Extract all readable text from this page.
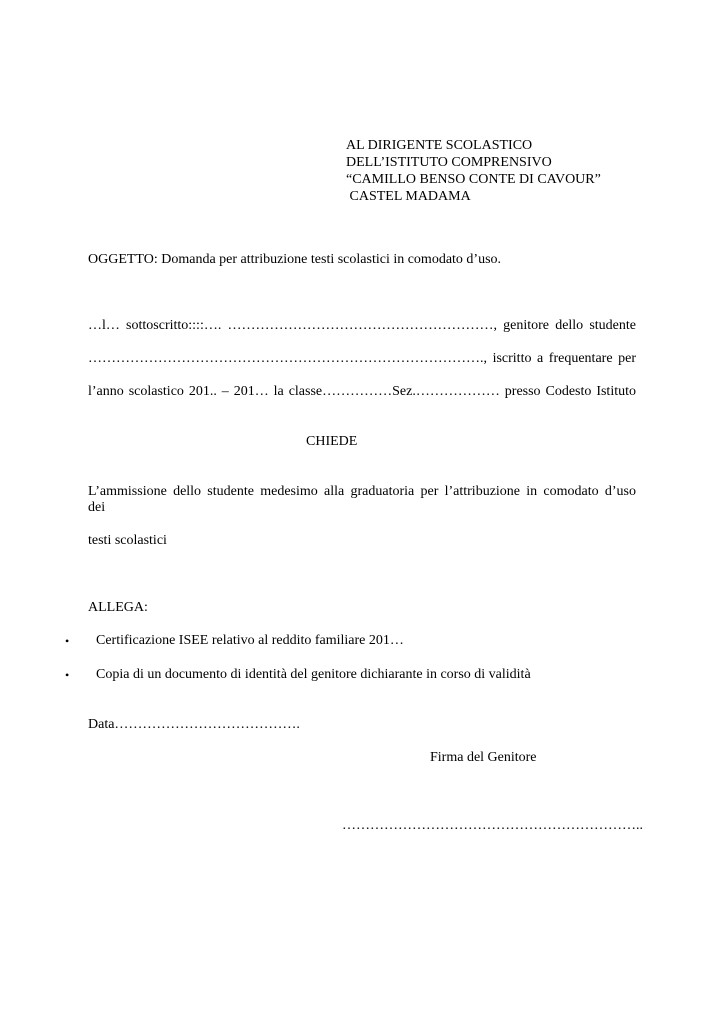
AL DIRIGENTE SCOLASTICO
DELL’ISTITUTO COMPRENSIVO
“CAMILLO BENSO CONTE DI CAVOUR”
CASTEL MADAMA
OGGETTO: Domanda per attribuzione testi scolastici in comodato d’uso.
…l… sottoscritto::::…. …………………………………………………, genitore dello studente
…………………………………………………………………………., iscritto a frequentare per
l’anno scolastico 201.. – 201… la classe……………Sez.……………… presso Codesto Istituto
CHIEDE
L’ammissione dello studente medesimo alla graduatoria per l’attribuzione in comodato d’uso
dei
testi scolastici
ALLEGA:
• Certificazione ISEE relativo al reddito familiare 201…
• Copia di un documento di identità del genitore dichiarante in corso di validità
Data………………………………….
Firma del Genitore
………………………………………………………..
